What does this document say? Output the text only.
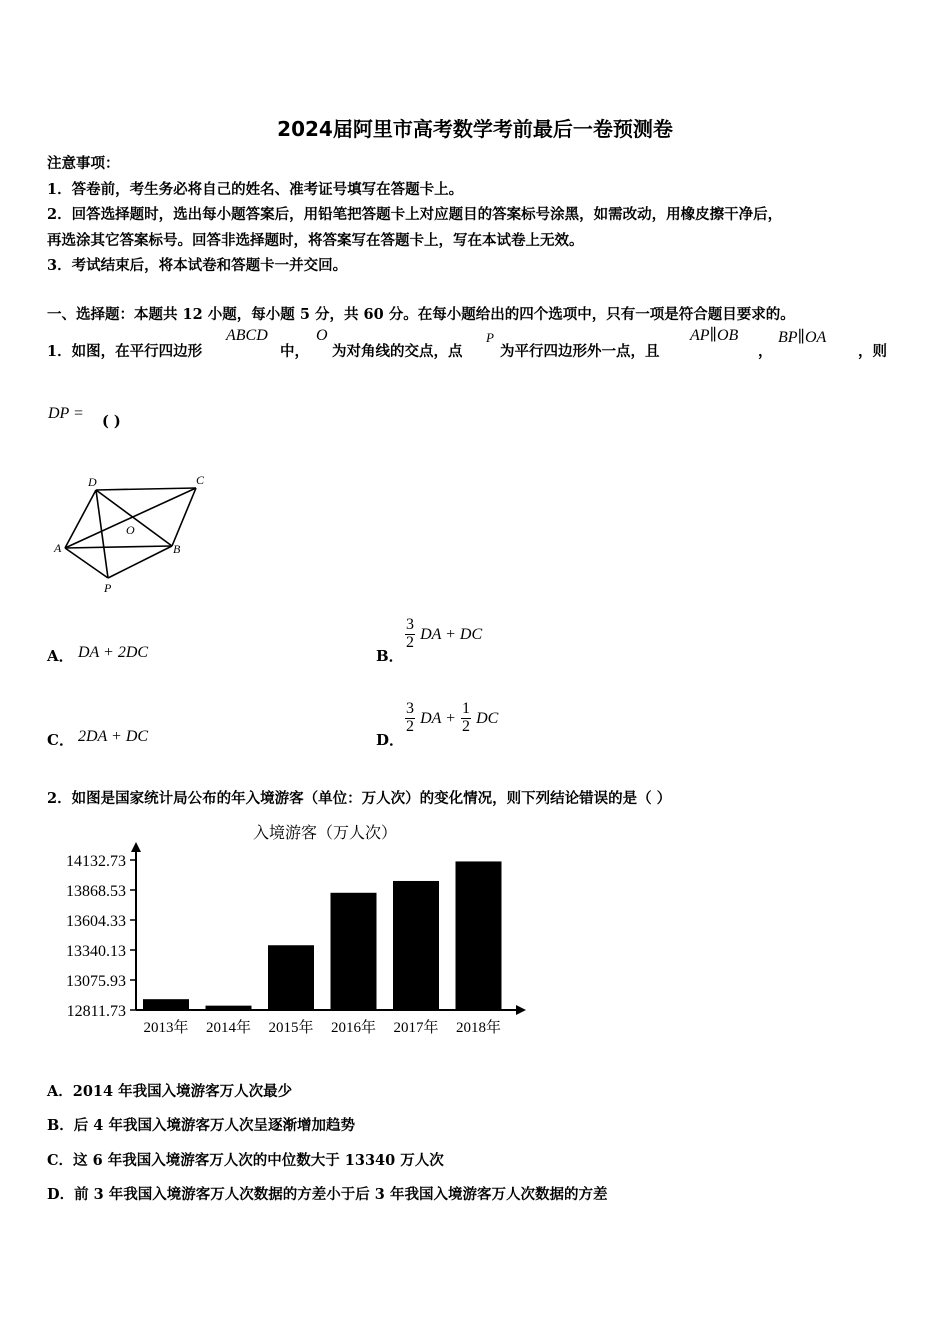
2024届阿里市高考数学考前最后一卷预测卷
注意事项：
1．答卷前，考生务必将自己的姓名、准考证号填写在答题卡上。
2．回答选择题时，选出每小题答案后，用铅笔把答题卡上对应题目的答案标号涂黑，如需改动，用橡皮擦干净后，
再选涂其它答案标号。回答非选择题时，将答案写在答题卡上，写在本试卷上无效。
3．考试结束后，将本试卷和答题卡一并交回。
一、选择题：本题共 12 小题，每小题 5 分，共 60 分。在每小题给出的四个选项中，只有一项是符合题目要求的。
1．如图，在平行四边形
ABCD
中，
O
为对角线的交点，点
P
为平行四边形外一点，且
AP∥OB
，
BP∥OA
，则
DP = ( )
D	C
A	B
O
P
A． DA + 2DC	B．
$\frac{3}{2}$ DA + DC
C． 2DA + DC	D．
$\frac{3}{2}$ DA + $\frac{1}{2}$ DC
2．如图是国家统计局公布的年入境游客（单位：万人次）的变化情况，则下列结论错误的是（ ）
入境游客（万人次）
12811.73
13075.93
13340.13
13604.33
13868.53
14132.73
2013年 2014年 2015年 2016年 2017年 2018年
A．2014 年我国入境游客万人次最少
B．后 4 年我国入境游客万人次呈逐渐增加趋势
C．这 6 年我国入境游客万人次的中位数大于 13340 万人次
D．前 3 年我国入境游客万人次数据的方差小于后 3 年我国入境游客万人次数据的方差
